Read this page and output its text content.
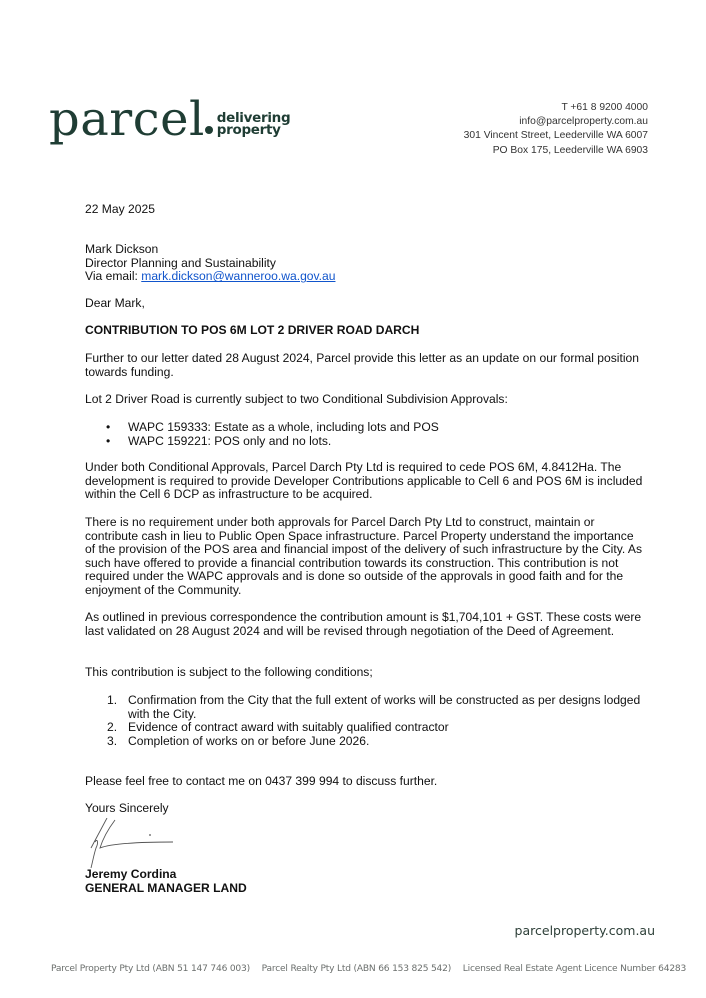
parcel delivering
property
T +61 8 9200 4000
info@parcelproperty.com.au
301 Vincent Street, Leederville WA 6007
PO Box 175, Leederville WA 6903
22 May 2025
Mark Dickson
Director Planning and Sustainability
Via email: mark.dickson@wanneroo.wa.gov.au
Dear Mark,
CONTRIBUTION TO POS 6M LOT 2 DRIVER ROAD DARCH
Further to our letter dated 28 August 2024, Parcel provide this letter as an update on our formal position towards funding.
Lot 2 Driver Road is currently subject to two Conditional Subdivision Approvals:
• WAPC 159333: Estate as a whole, including lots and POS
• WAPC 159221: POS only and no lots.
Under both Conditional Approvals, Parcel Darch Pty Ltd is required to cede POS 6M, 4.8412Ha. The development is required to provide Developer Contributions applicable to Cell 6 and POS 6M is included within the Cell 6 DCP as infrastructure to be acquired.
There is no requirement under both approvals for Parcel Darch Pty Ltd to construct, maintain or contribute cash in lieu to Public Open Space infrastructure. Parcel Property understand the importance of the provision of the POS area and financial impost of the delivery of such infrastructure by the City. As such have offered to provide a financial contribution towards its construction. This contribution is not required under the WAPC approvals and is done so outside of the approvals in good faith and for the enjoyment of the Community.
As outlined in previous correspondence the contribution amount is $1,704,101 + GST. These costs were last validated on 28 August 2024 and will be revised through negotiation of the Deed of Agreement.
This contribution is subject to the following conditions;
1. Confirmation from the City that the full extent of works will be constructed as per designs lodged with the City.
2. Evidence of contract award with suitably qualified contractor
3. Completion of works on or before June 2026.
Please feel free to contact me on 0437 399 994 to discuss further.
Yours Sincerely
Jeremy Cordina
GENERAL MANAGER LAND
parcelproperty.com.au
Parcel Property Pty Ltd (ABN 51 147 746 003) Parcel Realty Pty Ltd (ABN 66 153 825 542) Licensed Real Estate Agent Licence Number 64283
